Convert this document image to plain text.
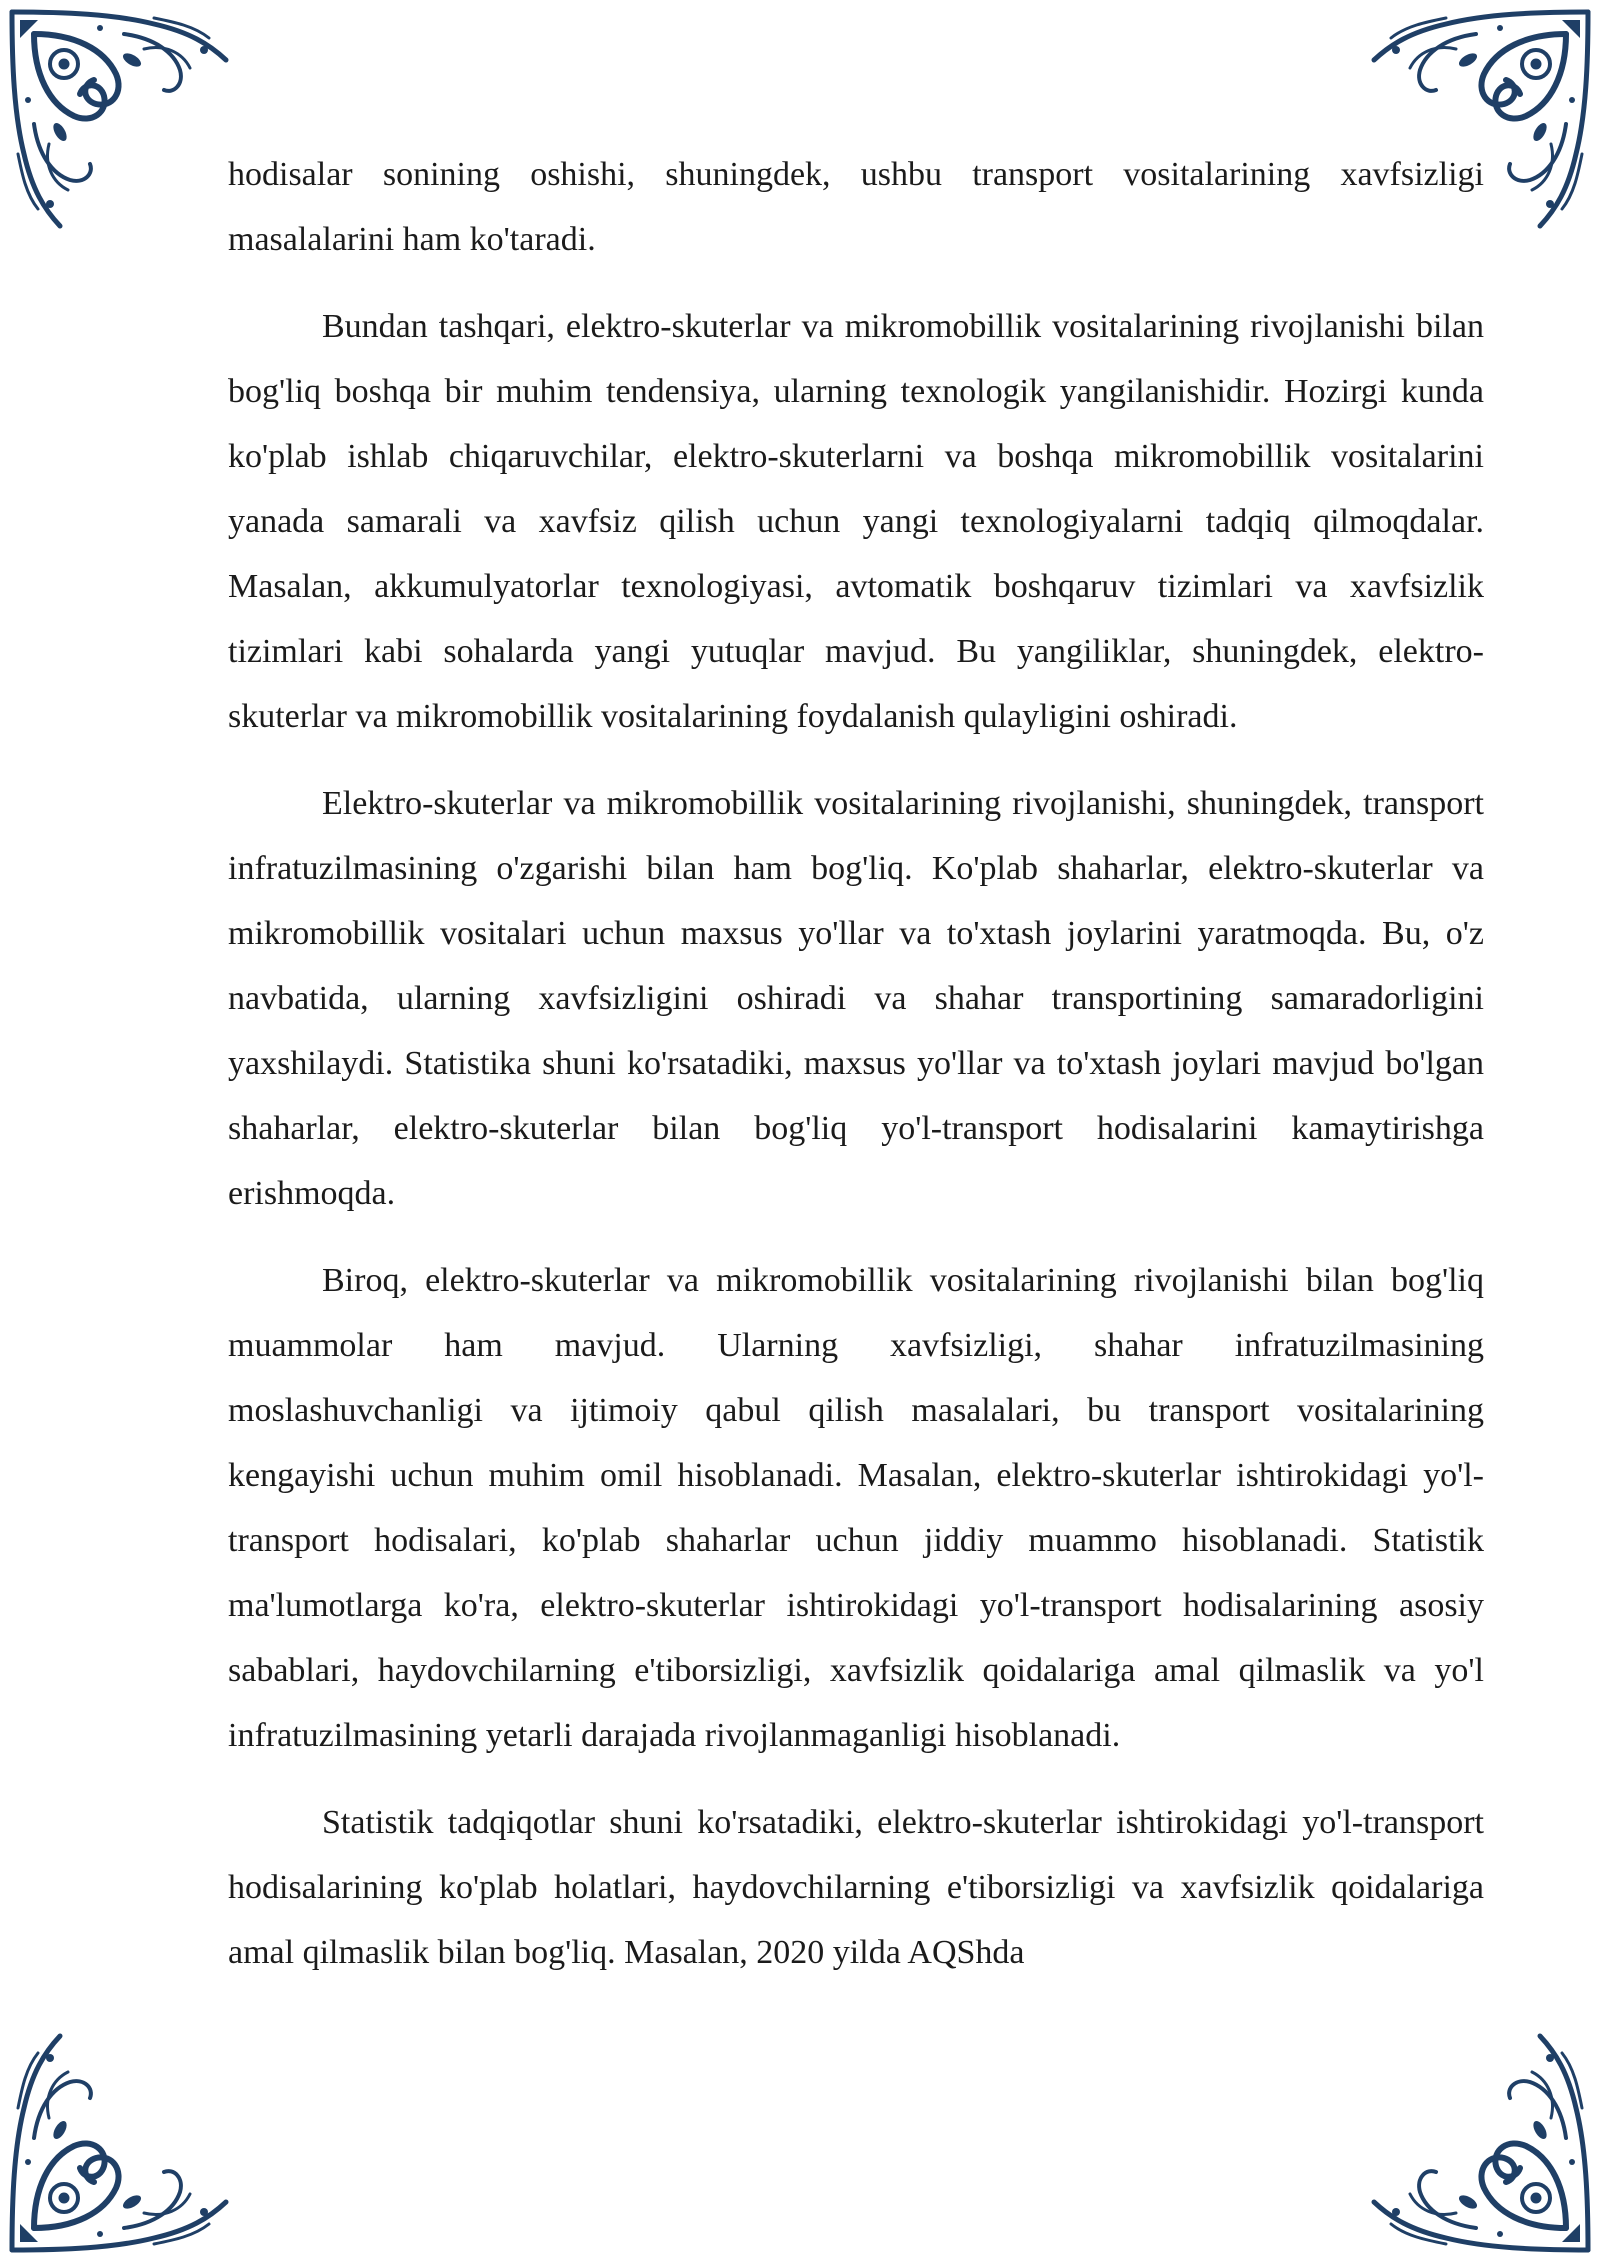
hodisalar sonining oshishi, shuningdek, ushbu transport vositalarining xavfsizligi masalalarini ham ko'taradi.

Bundan tashqari, elektro-skuterlar va mikromobillik vositalarining rivojlanishi bilan bog'liq boshqa bir muhim tendensiya, ularning texnologik yangilanishidir. Hozirgi kunda ko'plab ishlab chiqaruvchilar, elektro-skuterlarni va boshqa mikromobillik vositalarini yanada samarali va xavfsiz qilish uchun yangi texnologiyalarni tadqiq qilmoqdalar. Masalan, akkumulyatorlar texnologiyasi, avtomatik boshqaruv tizimlari va xavfsizlik tizimlari kabi sohalarda yangi yutuqlar mavjud. Bu yangiliklar, shuningdek, elektro-skuterlar va mikromobillik vositalarining foydalanish qulayligini oshiradi.

Elektro-skuterlar va mikromobillik vositalarining rivojlanishi, shuningdek, transport infratuzilmasining o'zgarishi bilan ham bog'liq. Ko'plab shaharlar, elektro-skuterlar va mikromobillik vositalari uchun maxsus yo'llar va to'xtash joylarini yaratmoqda. Bu, o'z navbatida, ularning xavfsizligini oshiradi va shahar transportining samaradorligini yaxshilaydi. Statistika shuni ko'rsatadiki, maxsus yo'llar va to'xtash joylari mavjud bo'lgan shaharlar, elektro-skuterlar bilan bog'liq yo'l-transport hodisalarini kamaytirishga erishmoqda.

Biroq, elektro-skuterlar va mikromobillik vositalarining rivojlanishi bilan bog'liq muammolar ham mavjud. Ularning xavfsizligi, shahar infratuzilmasining moslashuvchanligi va ijtimoiy qabul qilish masalalari, bu transport vositalarining kengayishi uchun muhim omil hisoblanadi. Masalan, elektro-skuterlar ishtirokidagi yo'l-transport hodisalari, ko'plab shaharlar uchun jiddiy muammo hisoblanadi. Statistik ma'lumotlarga ko'ra, elektro-skuterlar ishtirokidagi yo'l-transport hodisalarining asosiy sabablari, haydovchilarning e'tiborsizligi, xavfsizlik qoidalariga amal qilmaslik va yo'l infratuzilmasining yetarli darajada rivojlanmaganligi hisoblanadi.

Statistik tadqiqotlar shuni ko'rsatadiki, elektro-skuterlar ishtirokidagi yo'l-transport hodisalarining ko'plab holatlari, haydovchilarning e'tiborsizligi va xavfsizlik qoidalariga amal qilmaslik bilan bog'liq. Masalan, 2020 yilda AQShda
